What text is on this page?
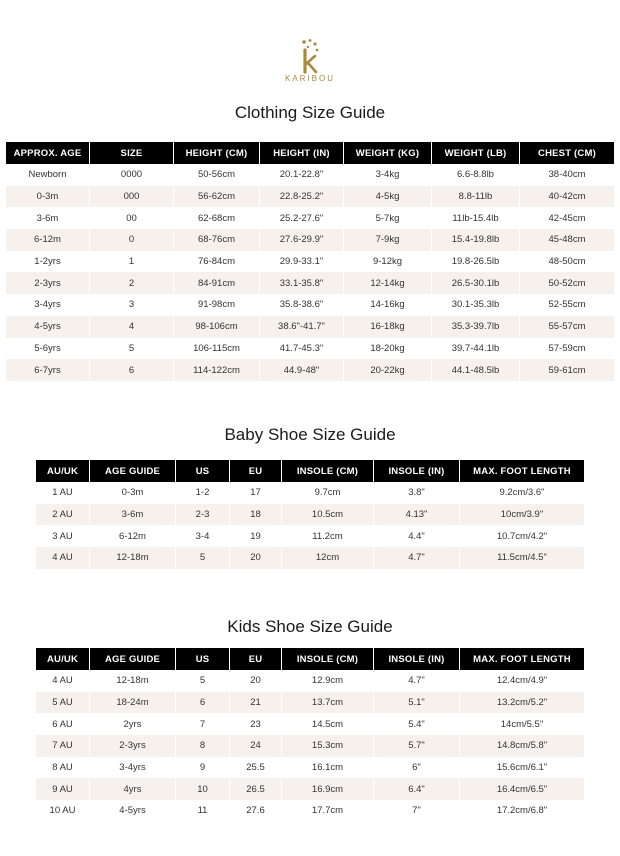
KARIBOU
Clothing Size Guide
APPROX. AGE	SIZE	HEIGHT (CM)	HEIGHT (IN)	WEIGHT (KG)	WEIGHT (LB)	CHEST (CM)
Newborn	0000	50-56cm	20.1-22.8"	3-4kg	6.6-8.8lb	38-40cm
0-3m	000	56-62cm	22.8-25.2"	4-5kg	8.8-11lb	40-42cm
3-6m	00	62-68cm	25.2-27.6"	5-7kg	11lb-15.4lb	42-45cm
6-12m	0	68-76cm	27.6-29.9"	7-9kg	15.4-19.8lb	45-48cm
1-2yrs	1	76-84cm	29.9-33.1"	9-12kg	19.8-26.5lb	48-50cm
2-3yrs	2	84-91cm	33.1-35.8"	12-14kg	26.5-30.1lb	50-52cm
3-4yrs	3	91-98cm	35.8-38.6"	14-16kg	30.1-35.3lb	52-55cm
4-5yrs	4	98-106cm	38.6"-41.7"	16-18kg	35.3-39.7lb	55-57cm
5-6yrs	5	106-115cm	41.7-45.3"	18-20kg	39.7-44.1lb	57-59cm
6-7yrs	6	114-122cm	44.9-48"	20-22kg	44.1-48.5lb	59-61cm
Baby Shoe Size Guide
AU/UK	AGE GUIDE	US	EU	INSOLE (CM)	INSOLE (IN)	MAX. FOOT LENGTH
1 AU	0-3m	1-2	17	9.7cm	3.8"	9.2cm/3.6"
2 AU	3-6m	2-3	18	10.5cm	4.13"	10cm/3.9"
3 AU	6-12m	3-4	19	11.2cm	4.4"	10.7cm/4.2"
4 AU	12-18m	5	20	12cm	4.7"	11.5cm/4.5"
Kids Shoe Size Guide
AU/UK	AGE GUIDE	US	EU	INSOLE (CM)	INSOLE (IN)	MAX. FOOT LENGTH
4 AU	12-18m	5	20	12.9cm	4.7"	12.4cm/4.9"
5 AU	18-24m	6	21	13.7cm	5.1"	13.2cm/5.2"
6 AU	2yrs	7	23	14.5cm	5.4"	14cm/5.5"
7 AU	2-3yrs	8	24	15.3cm	5.7"	14.8cm/5.8"
8 AU	3-4yrs	9	25.5	16.1cm	6"	15.6cm/6.1"
9 AU	4yrs	10	26.5	16.9cm	6.4"	16.4cm/6.5"
10 AU	4-5yrs	11	27.6	17.7cm	7"	17.2cm/6.8"
